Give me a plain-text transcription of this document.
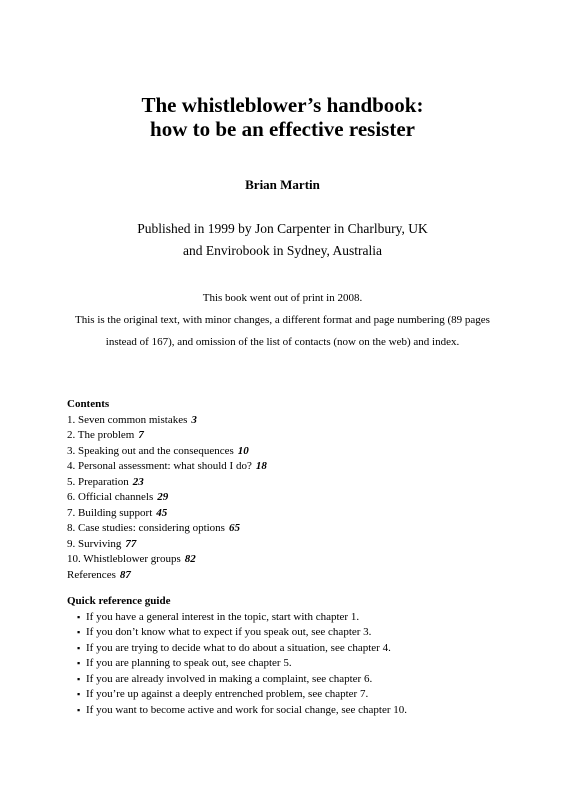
The whistleblower’s handbook:
how to be an effective resister
Brian Martin
Published in 1999 by Jon Carpenter in Charlbury, UK
and Envirobook in Sydney, Australia
This book went out of print in 2008.
This is the original text, with minor changes, a different format and page numbering (89 pages
instead of 167), and omission of the list of contacts (now on the web) and index.
Contents
1. Seven common mistakes 3
2. The problem 7
3. Speaking out and the consequences 10
4. Personal assessment: what should I do? 18
5. Preparation 23
6. Official channels 29
7. Building support 45
8. Case studies: considering options 65
9. Surviving 77
10. Whistleblower groups 82
References 87
Quick reference guide
▪ If you have a general interest in the topic, start with chapter 1.
▪ If you don’t know what to expect if you speak out, see chapter 3.
▪ If you are trying to decide what to do about a situation, see chapter 4.
▪ If you are planning to speak out, see chapter 5.
▪ If you are already involved in making a complaint, see chapter 6.
▪ If you’re up against a deeply entrenched problem, see chapter 7.
▪ If you want to become active and work for social change, see chapter 10.
